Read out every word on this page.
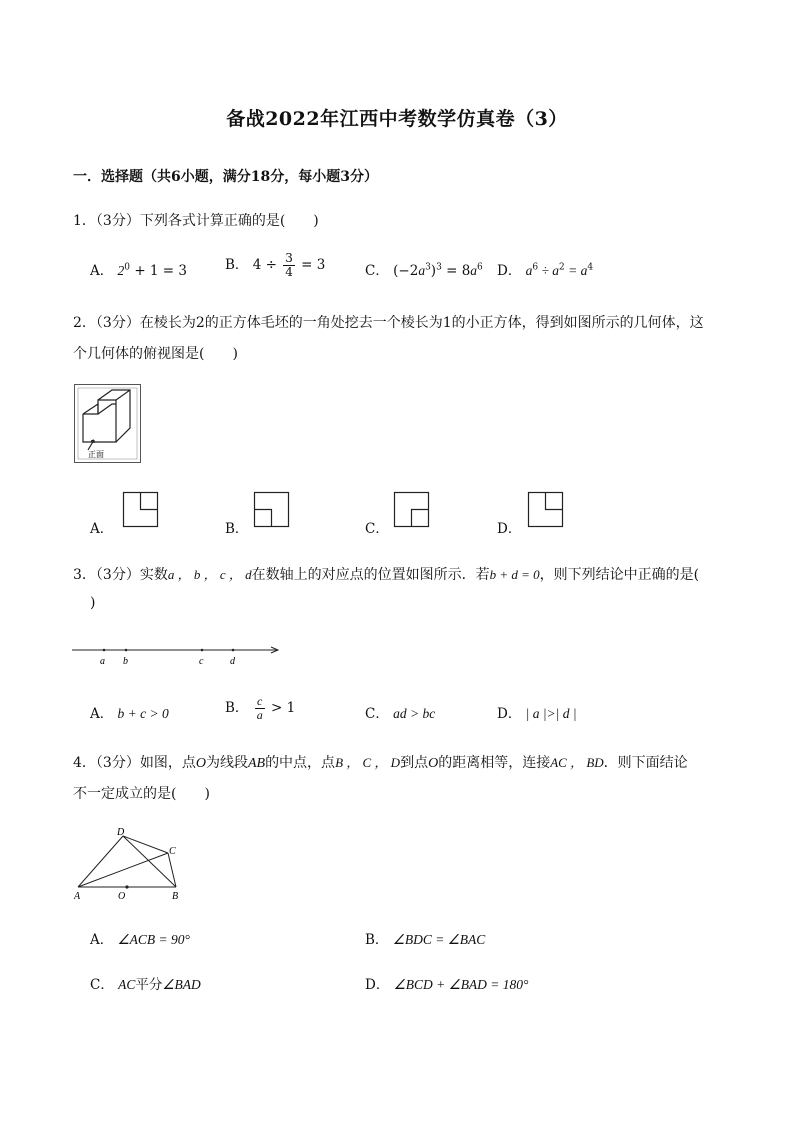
备战2022年江西中考数学仿真卷（3）
一．选择题（共6小题，满分18分，每小题3分）
1．（3分）下列各式计算正确的是(　　)
A． $2^0 + 1 = 3$	B． $4 \div \frac{3}{4} = 3$	C． $(-2a^3)^3 = 8a^6$ D． $a^6 \div a^2 = a^4$
2．（3分）在棱长为2的正方体毛坯的一角处挖去一个棱长为1的小正方体，得到如图所示的几何体，这
个几何体的俯视图是(　　)
正面
A．	B．	C．	D．
3．（3分）实数a ， b ， c ， d在数轴上的对应点的位置如图所示．若b + d = 0，则下列结论中正确的是(
)
a b	c	d
A． b + c > 0	B． $\frac{c}{a} > 1$	C． ad > bc	D． | a |>| d |
4．（3分）如图，点O为线段AB的中点，点B ， C ， D到点O的距离相等，连接AC ， BD．则下面结论
不一定成立的是(　　)
D
C
A	O	B
A． ∠ACB = 90°	B． ∠BDC = ∠BAC
C． AC平分∠BAD	D． ∠BCD + ∠BAD = 180°
